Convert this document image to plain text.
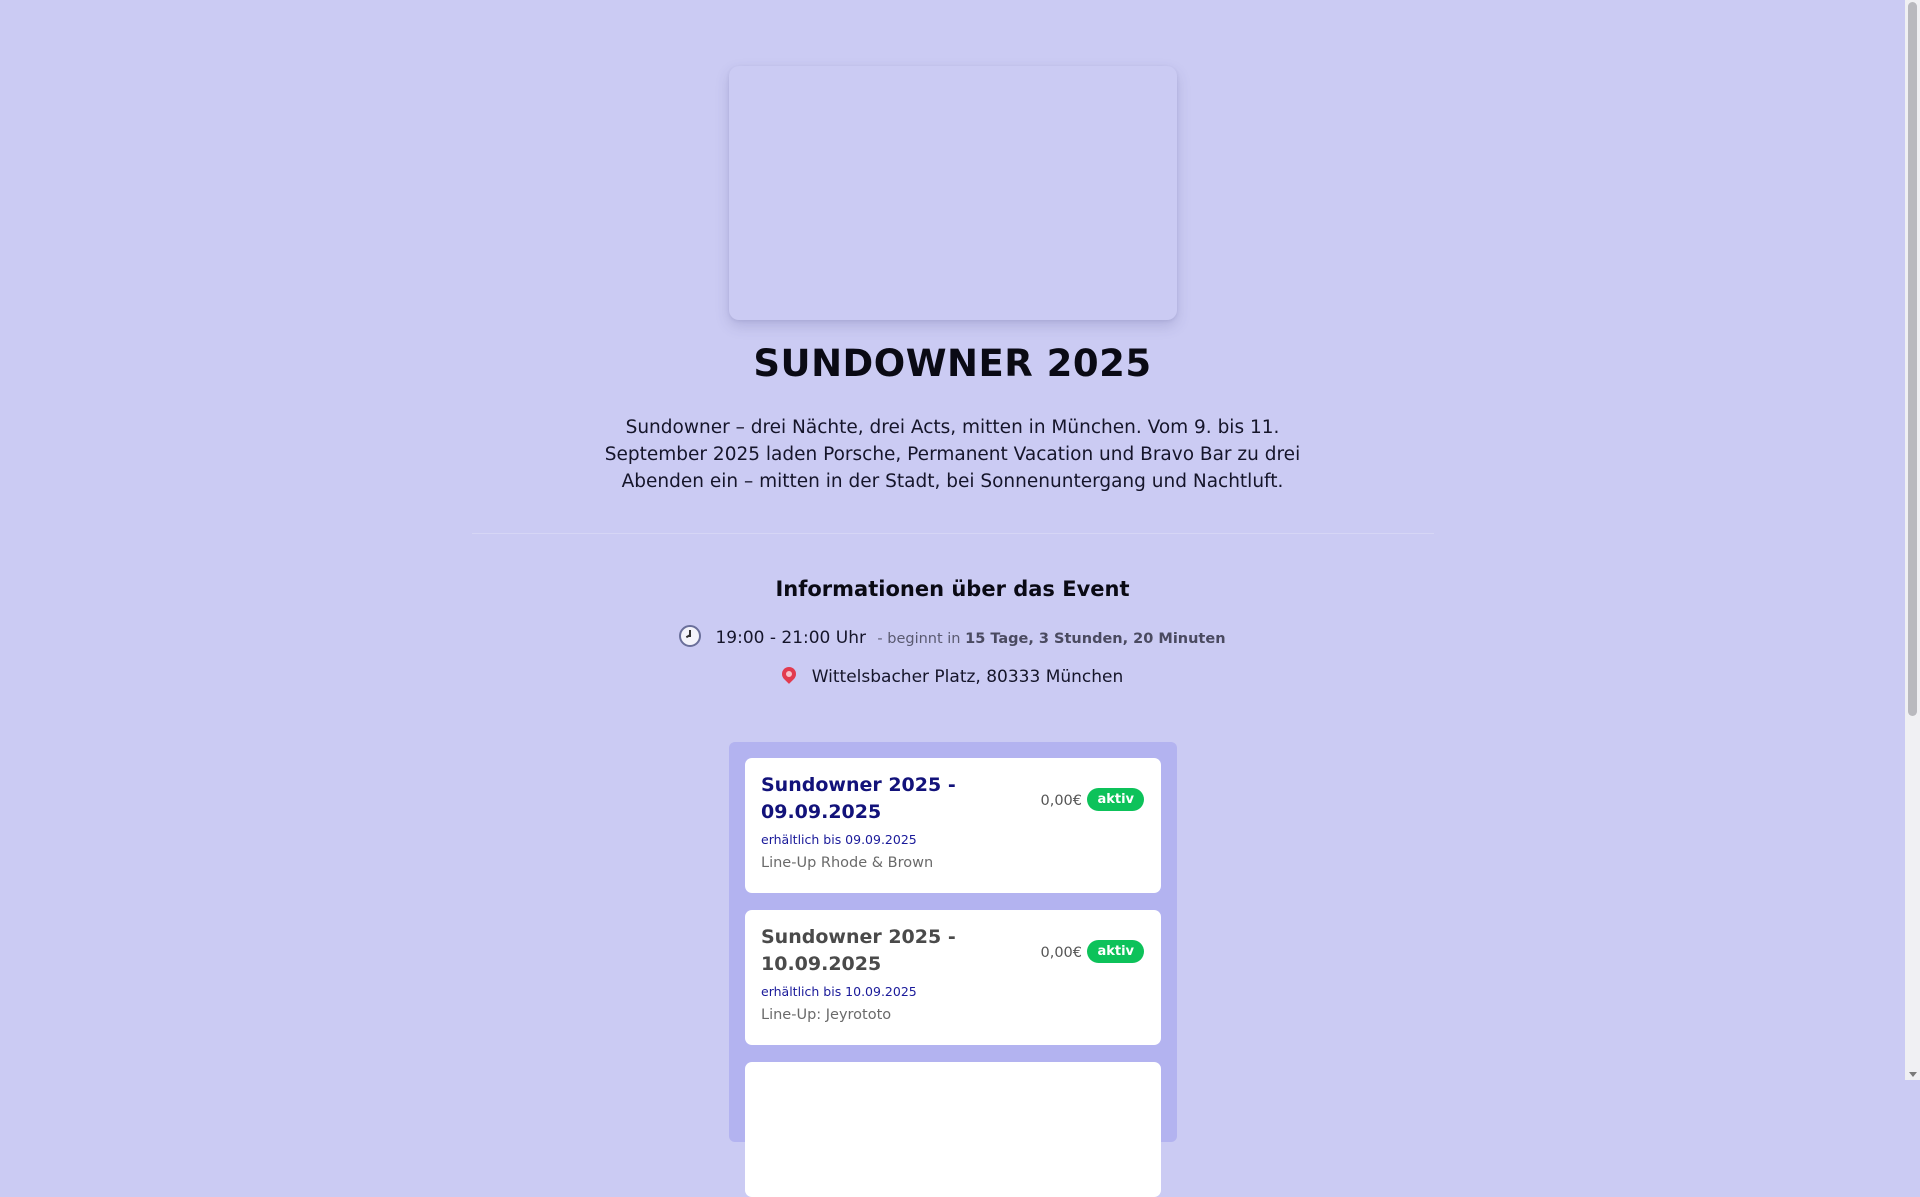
SUNDOWNER 2025

Sundowner – drei Nächte, drei Acts, mitten in München. Vom 9. bis 11. September 2025 laden Porsche, Permanent Vacation und Bravo Bar zu drei Abenden ein – mitten in der Stadt, bei Sonnenuntergang und Nachtluft.

Informationen über das Event
19:00 - 21:00 Uhr - beginnt in 15 Tage, 3 Stunden, 20 Minuten
Wittelsbacher Platz, 80333 München

Sundowner 2025 - 09.09.2025

erhältlich bis 09.09.2025
Line-Up Rhode & Brown
0,00€	aktiv

Sundowner 2025 - 10.09.2025

erhältlich bis 10.09.2025
Line-Up: Jeyrototo
0,00€	aktiv
